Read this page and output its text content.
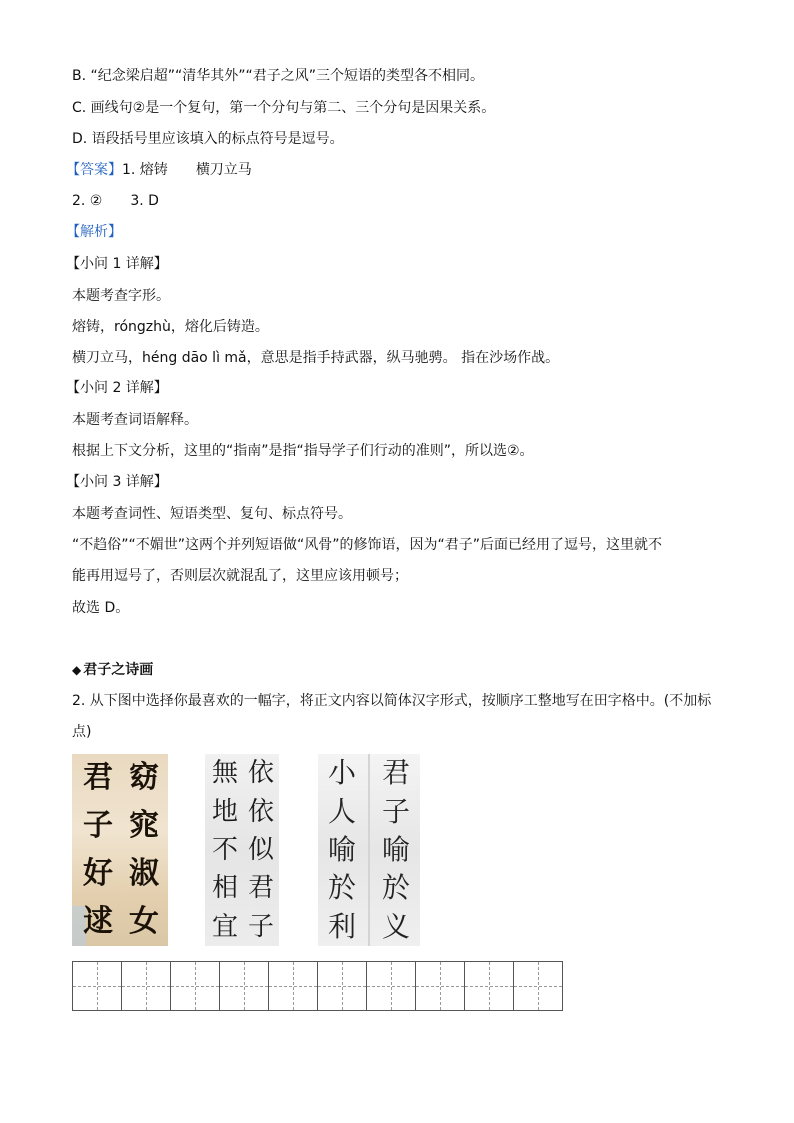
B. “纪念梁启超”“清华其外”“君子之风”三个短语的类型各不相同。
C. 画线句②是一个复句，第一个分句与第二、三个分句是因果关系。
D. 语段括号里应该填入的标点符号是逗号。
【答案】1. 熔铸 横刀立马
2. ② 3. D
【解析】
【小问 1 详解】
本题考查字形。
熔铸，róngzhù，熔化后铸造。
横刀立马，héng dāo lì mǎ，意思是指手持武器，纵马驰骋。 指在沙场作战。
【小问 2 详解】
本题考查词语解释。
根据上下文分析，这里的“指南”是指“指导学子们行动的准则”，所以选②。
【小问 3 详解】
本题考查词性、短语类型、复句、标点符号。
“不趋俗”“不媚世”这两个并列短语做“风骨”的修饰语，因为“君子”后面已经用了逗号，这里就不
能再用逗号了，否则层次就混乱了，这里应该用顿号；
故选 D。
◆ 君子之诗画
2. 从下图中选择你最喜欢的一幅字，将正文内容以简体汉字形式，按顺序工整地写在田字格中。(不加标
点)
君
子
好
逑
窈
窕
淑
女
無
地
不
相
宜
依
依
似
君
子
小
人
喻
於
利
君
子
喻
於
义
